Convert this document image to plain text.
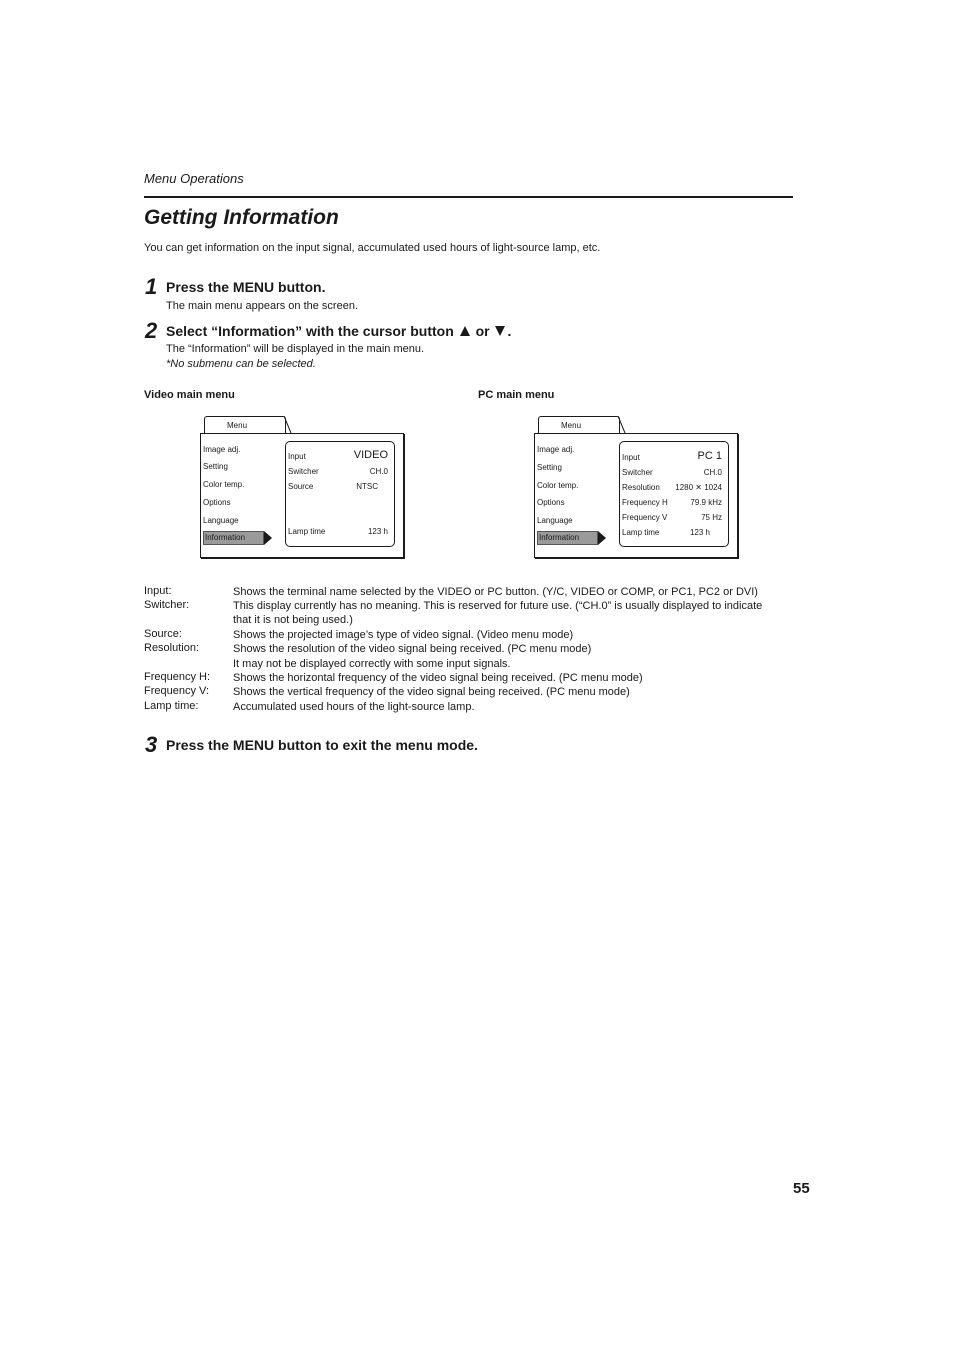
Menu Operations
Getting Information
You can get information on the input signal, accumulated used hours of light-source lamp, etc.
1 Press the MENU button.
The main menu appears on the screen.
2 Select “Information” with the cursor button or .
The “Information” will be displayed in the main menu.
*No submenu can be selected.
Video main menu	PC main menu
Menu
Image adj.
Setting
Color temp.
Options
Language
Information
Input	VIDEO
Switcher	CH.0
Source	NTSC
Lamp time	123 h
Menu
Image adj.
Setting
Color temp.
Options
Language
Information
Input	PC 1
Switcher	CH.0
Resolution 1280 ✕ 1024
Frequency H	79.9 kHz
Frequency V	75 Hz
Lamp time	123 h
Input:	Shows the terminal name selected by the VIDEO or PC button. (Y/C, VIDEO or COMP, or PC1, PC2 or DVI)
Switcher:	This display currently has no meaning. This is reserved for future use. (“CH.0” is usually displayed to indicate that it is not being used.)
Source:	Shows the projected image’s type of video signal. (Video menu mode)
Resolution:	Shows the resolution of the video signal being received. (PC menu mode)
It may not be displayed correctly with some input signals.
Frequency H: Shows the horizontal frequency of the video signal being received. (PC menu mode)
Frequency V: Shows the vertical frequency of the video signal being received. (PC menu mode)
Lamp time:	Accumulated used hours of the light-source lamp.
3 Press the MENU button to exit the menu mode.
55
